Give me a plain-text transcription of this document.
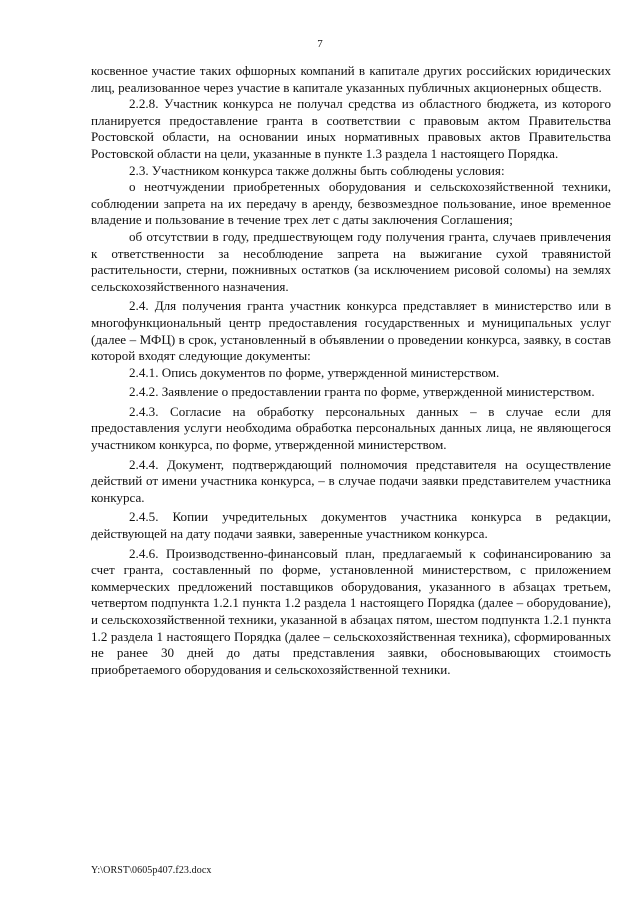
7

косвенное участие таких офшорных компаний в капитале других российских юридических лиц, реализованное через участие в капитале указанных публичных акционерных обществ.

2.2.8. Участник конкурса не получал средства из областного бюджета, из которого планируется предоставление гранта в соответствии с правовым актом Правительства Ростовской области, на основании иных нормативных правовых актов Правительства Ростовской области на цели, указанные в пункте 1.3 раздела 1 настоящего Порядка.

2.3. Участником конкурса также должны быть соблюдены условия:

о неотчуждении приобретенных оборудования и сельскохозяйственной техники, соблюдении запрета на их передачу в аренду, безвозмездное пользование, иное временное владение и пользование в течение трех лет с даты заключения Соглашения;

об отсутствии в году, предшествующем году получения гранта, случаев привлечения к ответственности за несоблюдение запрета на выжигание сухой травянистой растительности, стерни, пожнивных остатков (за исключением рисовой соломы) на землях сельскохозяйственного назначения.

2.4. Для получения гранта участник конкурса представляет в министерство или в многофункциональный центр предоставления государственных и муниципальных услуг (далее – МФЦ) в срок, установленный в объявлении о проведении конкурса, заявку, в состав которой входят следующие документы:

2.4.1. Опись документов по форме, утвержденной министерством.

2.4.2. Заявление о предоставлении гранта по форме, утвержденной министерством.

2.4.3. Согласие на обработку персональных данных – в случае если для предоставления услуги необходима обработка персональных данных лица, не являющегося участником конкурса, по форме, утвержденной министерством.

2.4.4. Документ, подтверждающий полномочия представителя на осуществление действий от имени участника конкурса, – в случае подачи заявки представителем участника конкурса.

2.4.5. Копии учредительных документов участника конкурса в редакции, действующей на дату подачи заявки, заверенные участником конкурса.

2.4.6. Производственно-финансовый план, предлагаемый к софинансированию за счет гранта, составленный по форме, установленной министерством, с приложением коммерческих предложений поставщиков оборудования, указанного в абзацах третьем, четвертом подпункта 1.2.1 пункта 1.2 раздела 1 настоящего Порядка (далее – оборудование), и сельскохозяйственной техники, указанной в абзацах пятом, шестом подпункта 1.2.1 пункта 1.2 раздела 1 настоящего Порядка (далее – сельскохозяйственная техника), сформированных не ранее 30 дней до даты представления заявки, обосновывающих стоимость приобретаемого оборудования и сельскохозяйственной техники.

Y:\ORST\0605p407.f23.docx
